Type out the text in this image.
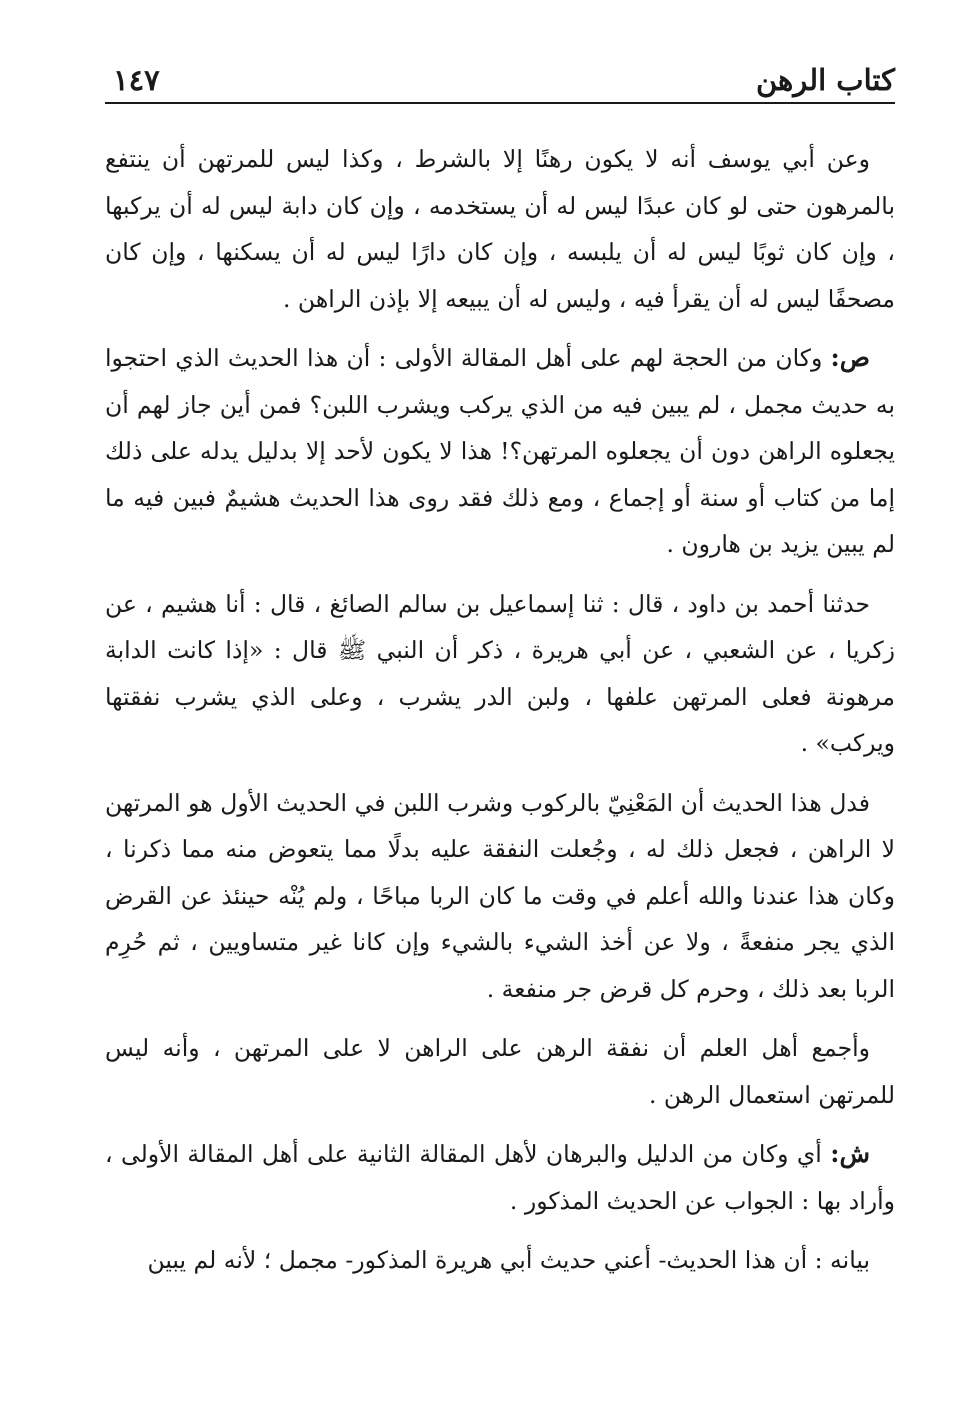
كتاب الرهن
١٤٧

وعن أبي يوسف أنه لا يكون رهنًا إلا بالشرط ، وكذا ليس للمرتهن أن ينتفع بالمرهون حتى لو كان عبدًا ليس له أن يستخدمه ، وإن كان دابة ليس له أن يركبها ، وإن كان ثوبًا ليس له أن يلبسه ، وإن كان دارًا ليس له أن يسكنها ، وإن كان مصحفًا ليس له أن يقرأ فيه ، وليس له أن يبيعه إلا بإذن الراهن .

ص: وكان من الحجة لهم على أهل المقالة الأولى : أن هذا الحديث الذي احتجوا به حديث مجمل ، لم يبين فيه من الذي يركب ويشرب اللبن؟ فمن أين جاز لهم أن يجعلوه الراهن دون أن يجعلوه المرتهن؟! هذا لا يكون لأحد إلا بدليل يدله على ذلك إما من كتاب أو سنة أو إجماع ، ومع ذلك فقد روى هذا الحديث هشيمٌ فبين فيه ما لم يبين يزيد بن هارون .

حدثنا أحمد بن داود ، قال : ثنا إسماعيل بن سالم الصائغ ، قال : أنا هشيم ، عن زكريا ، عن الشعبي ، عن أبي هريرة ، ذكر أن النبي ﷺ قال : «إذا كانت الدابة مرهونة فعلى المرتهن علفها ، ولبن الدر يشرب ، وعلى الذي يشرب نفقتها ويركب» .

فدل هذا الحديث أن المَعْنِيّ بالركوب وشرب اللبن في الحديث الأول هو المرتهن لا الراهن ، فجعل ذلك له ، وجُعلت النفقة عليه بدلًا مما يتعوض منه مما ذكرنا ، وكان هذا عندنا والله أعلم في وقت ما كان الربا مباحًا ، ولم يُنْه حينئذ عن القرض الذي يجر منفعةً ، ولا عن أخذ الشيء بالشيء وإن كانا غير متساويين ، ثم حُرِم الربا بعد ذلك ، وحرم كل قرض جر منفعة .

وأجمع أهل العلم أن نفقة الرهن على الراهن لا على المرتهن ، وأنه ليس للمرتهن استعمال الرهن .

ش: أي وكان من الدليل والبرهان لأهل المقالة الثانية على أهل المقالة الأولى ، وأراد بها : الجواب عن الحديث المذكور .

بيانه : أن هذا الحديث- أعني حديث أبي هريرة المذكور- مجمل ؛ لأنه لم يبين
